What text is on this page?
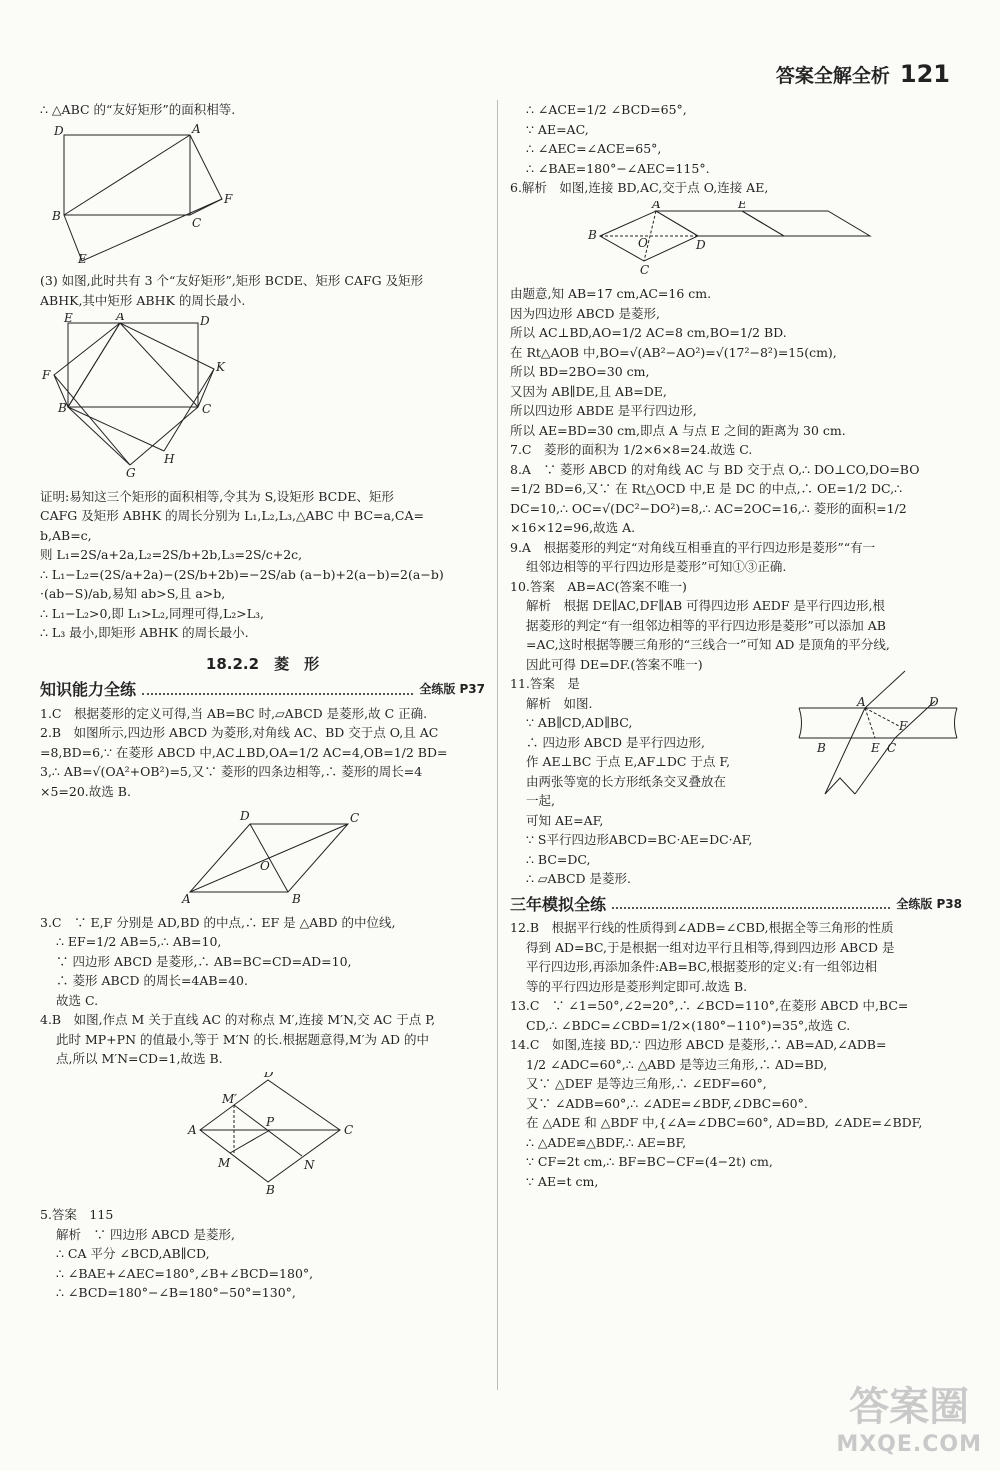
答案全解全析 121
∴ △ABC 的“友好矩形”的面积相等.
D	A
F
B	C
E
(3) 如图,此时共有 3 个“友好矩形”,矩形 BCDE、矩形 CAFG 及矩形
ABHK,其中矩形 ABHK 的周长最小.
E	A	D
F
K
B	C
G
H
证明:易知这三个矩形的面积相等,令其为 S,设矩形 BCDE、矩形
CAFG 及矩形 ABHK 的周长分别为 L₁,L₂,L₃,△ABC 中 BC=a,CA=
b,AB=c,
则 L₁=2S/a+2a,L₂=2S/b+2b,L₃=2S/c+2c,
∴ L₁−L₂=(2S/a+2a)−(2S/b+2b)=−2S/ab (a−b)+2(a−b)=2(a−b)
·(ab−S)/ab,易知 ab>S,且 a>b,
∴ L₁−L₂>0,即 L₁>L₂,同理可得,L₂>L₃,
∴ L₃ 最小,即矩形 ABHK 的周长最小.
18.2.2　菱　形
知识能力全练	全练版 P37
1.C　根据菱形的定义可得,当 AB=BC 时,▱ABCD 是菱形,故 C 正确.
2.B　如图所示,四边形 ABCD 为菱形,对角线 AC、BD 交于点 O,且 AC
=8,BD=6,∵ 在菱形 ABCD 中,AC⊥BD,OA=1/2 AC=4,OB=1/2 BD=
3,∴ AB=√(OA²+OB²)=5,又∵ 菱形的四条边相等,∴ 菱形的周长=4
×5=20.故选 B.
D	C
A	B
O
3.C　∵ E,F 分别是 AD,BD 的中点,∴ EF 是 △ABD 的中位线,
∴ EF=1/2 AB=5,∴ AB=10,
∵ 四边形 ABCD 是菱形,∴ AB=BC=CD=AD=10,
∴ 菱形 ABCD 的周长=4AB=40.
故选 C.
4.B　如图,作点 M 关于直线 AC 的对称点 M′,连接 M′N,交 AC 于点 P,
此时 MP+PN 的值最小,等于 M′N 的长.根据题意得,M′为 AD 的中
点,所以 M′N=CD=1,故选 B.
D
A	C
B
M′
P
M	N
5.答案　115
解析　∵ 四边形 ABCD 是菱形,
∴ CA 平分 ∠BCD,AB∥CD,
∴ ∠BAE+∠AEC=180°,∠B+∠BCD=180°,
∴ ∠BCD=180°−∠B=180°−50°=130°,
∴ ∠ACE=1/2 ∠BCD=65°,
∵ AE=AC,
∴ ∠AEC=∠ACE=65°,
∴ ∠BAE=180°−∠AEC=115°.
6.解析　如图,连接 BD,AC,交于点 O,连接 AE,
B
A	E
O	D
C
由题意,知 AB=17 cm,AC=16 cm.
因为四边形 ABCD 是菱形,
所以 AC⊥BD,AO=1/2 AC=8 cm,BO=1/2 BD.
在 Rt△AOB 中,BO=√(AB²−AO²)=√(17²−8²)=15(cm),
所以 BD=2BO=30 cm,
又因为 AB∥DE,且 AB=DE,
所以四边形 ABDE 是平行四边形,
所以 AE=BD=30 cm,即点 A 与点 E 之间的距离为 30 cm.
7.C　菱形的面积为 1/2×6×8=24.故选 C.
8.A　∵ 菱形 ABCD 的对角线 AC 与 BD 交于点 O,∴ DO⊥CO,DO=BO
=1/2 BD=6,又∵ 在 Rt△OCD 中,E 是 DC 的中点,∴ OE=1/2 DC,∴
DC=10,∴ OC=√(DC²−DO²)=8,∴ AC=2OC=16,∴ 菱形的面积=1/2
×16×12=96,故选 A.
9.A　根据菱形的判定“对角线互相垂直的平行四边形是菱形”“有一
组邻边相等的平行四边形是菱形”可知①③正确.
10.答案　AB=AC(答案不唯一)
解析　根据 DE∥AC,DF∥AB 可得四边形 AEDF 是平行四边形,根
据菱形的判定“有一组邻边相等的平行四边形是菱形”可以添加 AB
=AC,这时根据等腰三角形的“三线合一”可知 AD 是顶角的平分线,
因此可得 DE=DF.(答案不唯一)
11.答案　是
解析　如图.
∵ AB∥CD,AD∥BC,
∴ 四边形 ABCD 是平行四边形,
作 AE⊥BC 于点 E,AF⊥DC 于点 F,
由两张等宽的长方形纸条交叉叠放在
一起,
可知 AE=AF,
∵ S平行四边形ABCD=BC·AE=DC·AF,
∴ BC=DC,
∴ ▱ABCD 是菱形.
A	D
B	E
F
C
三年模拟全练	全练版 P38
12.B　根据平行线的性质得到∠ADB=∠CBD,根据全等三角形的性质
得到 AD=BC,于是根据一组对边平行且相等,得到四边形 ABCD 是
平行四边形,再添加条件:AB=BC,根据菱形的定义:有一组邻边相
等的平行四边形是菱形判定即可.故选 B.
13.C　∵ ∠1=50°,∠2=20°,∴ ∠BCD=110°,在菱形 ABCD 中,BC=
CD,∴ ∠BDC=∠CBD=1/2×(180°−110°)=35°,故选 C.
14.C　如图,连接 BD,∵ 四边形 ABCD 是菱形,∴ AB=AD,∠ADB=
1/2 ∠ADC=60°,∴ △ABD 是等边三角形,∴ AD=BD,
又∵ △DEF 是等边三角形,∴ ∠EDF=60°,
又∵ ∠ADB=60°,∴ ∠ADE=∠BDF,∠DBC=60°.
在 △ADE 和 △BDF 中,{∠A=∠DBC=60°, AD=BD, ∠ADE=∠BDF,
∴ △ADE≌△BDF,∴ AE=BF,
∵ CF=2t cm,∴ BF=BC−CF=(4−2t) cm,
∵ AE=t cm,
答案圈
MXQE.COM
